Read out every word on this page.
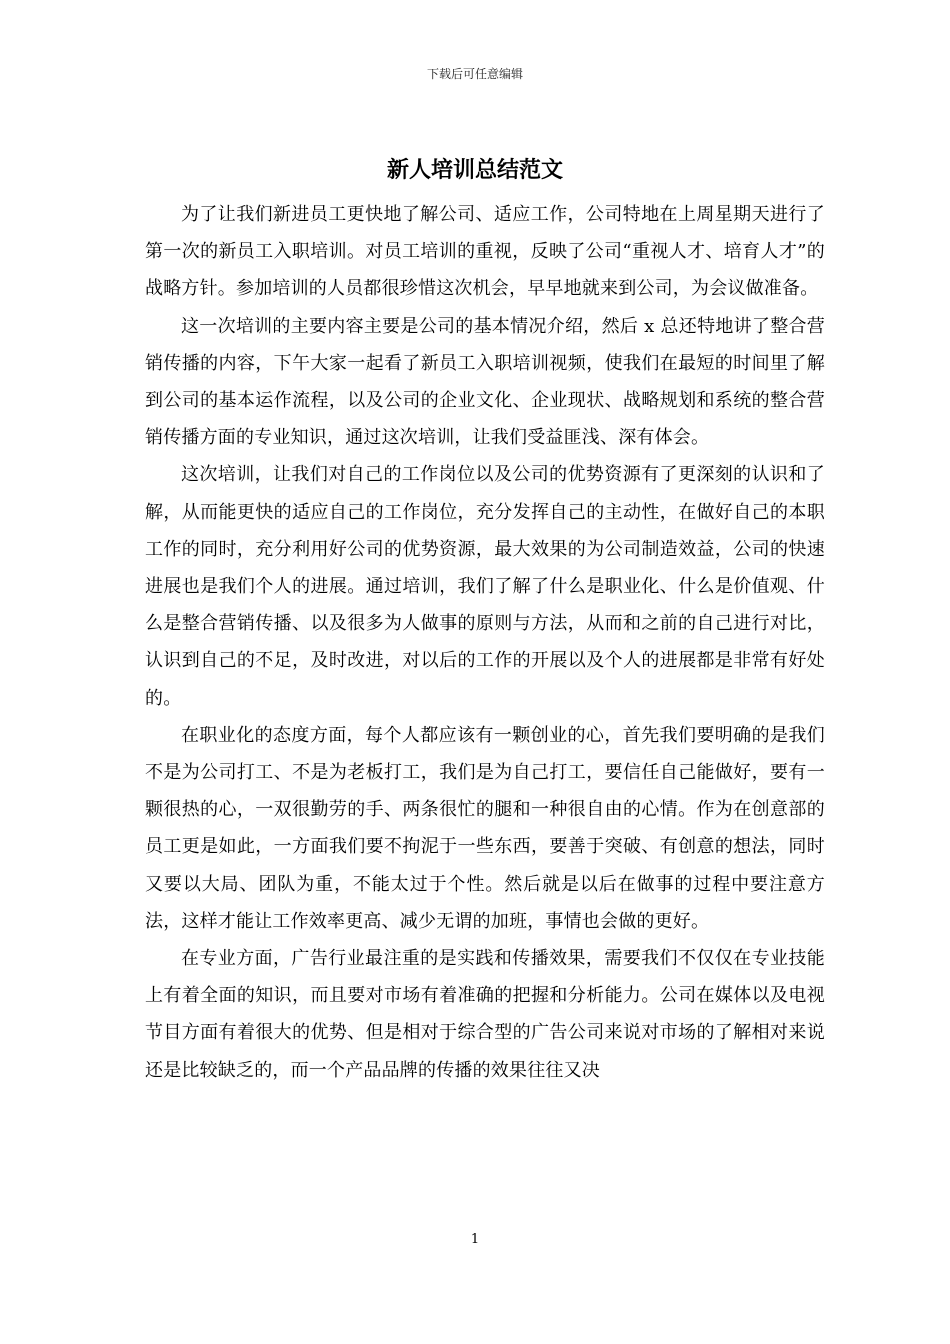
下载后可任意编辑
新人培训总结范文

为了让我们新进员工更快地了解公司、适应工作，公司特地在上周星期天进行了第一次的新员工入职培训。对员工培训的重视，反映了公司“重视人才、培育人才”的战略方针。参加培训的人员都很珍惜这次机会，早早地就来到公司，为会议做准备。

这一次培训的主要内容主要是公司的基本情况介绍，然后 x 总还特地讲了整合营销传播的内容，下午大家一起看了新员工入职培训视频，使我们在最短的时间里了解到公司的基本运作流程，以及公司的企业文化、企业现状、战略规划和系统的整合营销传播方面的专业知识，通过这次培训，让我们受益匪浅、深有体会。

这次培训，让我们对自己的工作岗位以及公司的优势资源有了更深刻的认识和了解，从而能更快的适应自己的工作岗位，充分发挥自己的主动性，在做好自己的本职工作的同时，充分利用好公司的优势资源，最大效果的为公司制造效益，公司的快速进展也是我们个人的进展。通过培训，我们了解了什么是职业化、什么是价值观、什么是整合营销传播、以及很多为人做事的原则与方法，从而和之前的自己进行对比，认识到自己的不足，及时改进，对以后的工作的开展以及个人的进展都是非常有好处的。

在职业化的态度方面，每个人都应该有一颗创业的心，首先我们要明确的是我们不是为公司打工、不是为老板打工，我们是为自己打工，要信任自己能做好，要有一颗很热的心，一双很勤劳的手、两条很忙的腿和一种很自由的心情。作为在创意部的员工更是如此，一方面我们要不拘泥于一些东西，要善于突破、有创意的想法，同时又要以大局、团队为重，不能太过于个性。然后就是以后在做事的过程中要注意方法，这样才能让工作效率更高、减少无谓的加班，事情也会做的更好。

在专业方面，广告行业最注重的是实践和传播效果，需要我们不仅仅在专业技能上有着全面的知识，而且要对市场有着准确的把握和分析能力。公司在媒体以及电视节目方面有着很大的优势、但是相对于综合型的广告公司来说对市场的了解相对来说还是比较缺乏的，而一个产品品牌的传播的效果往往又决

1
